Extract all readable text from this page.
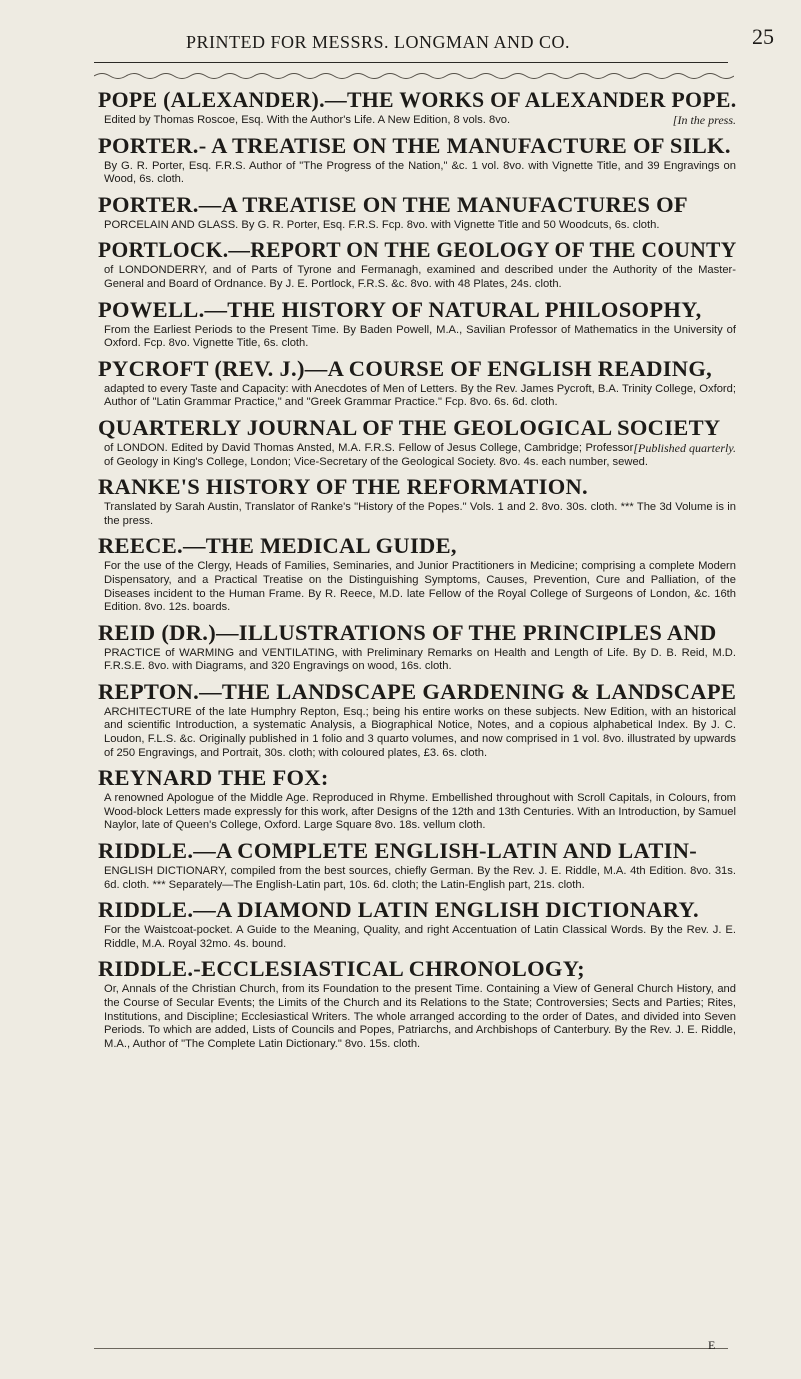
PRINTED FOR MESSRS. LONGMAN AND CO.	25
POPE (ALEXANDER).—THE WORKS OF ALEXANDER POPE.
[In the press.
Edited by Thomas Roscoe, Esq. With the Author's Life. A New Edition, 8 vols. 8vo.
PORTER.- A TREATISE ON THE MANUFACTURE OF SILK.
By G. R. Porter, Esq. F.R.S. Author of "The Progress of the Nation," &c. 1 vol. 8vo. with Vignette Title, and 39 Engravings on Wood, 6s. cloth.
PORTER.—A TREATISE ON THE MANUFACTURES OF
PORCELAIN AND GLASS. By G. R. Porter, Esq. F.R.S. Fcp. 8vo. with Vignette Title and 50 Woodcuts, 6s. cloth.
PORTLOCK.—REPORT ON THE GEOLOGY OF THE COUNTY
of LONDONDERRY, and of Parts of Tyrone and Fermanagh, examined and described under the Authority of the Master-General and Board of Ordnance. By J. E. Portlock, F.R.S. &c. 8vo. with 48 Plates, 24s. cloth.
POWELL.—THE HISTORY OF NATURAL PHILOSOPHY,
From the Earliest Periods to the Present Time. By Baden Powell, M.A., Savilian Professor of Mathematics in the University of Oxford. Fcp. 8vo. Vignette Title, 6s. cloth.
PYCROFT (REV. J.)—A COURSE OF ENGLISH READING,
adapted to every Taste and Capacity: with Anecdotes of Men of Letters. By the Rev. James Pycroft, B.A. Trinity College, Oxford; Author of "Latin Grammar Practice," and "Greek Grammar Practice." Fcp. 8vo. 6s. 6d. cloth.
QUARTERLY JOURNAL OF THE GEOLOGICAL SOCIETY
[Published quarterly.
of LONDON. Edited by David Thomas Ansted, M.A. F.R.S. Fellow of Jesus College, Cambridge; Professor of Geology in King's College, London; Vice-Secretary of the Geological Society. 8vo. 4s. each number, sewed.
RANKE'S HISTORY OF THE REFORMATION.
Translated by Sarah Austin, Translator of Ranke's "History of the Popes." Vols. 1 and 2. 8vo. 30s. cloth. *** The 3d Volume is in the press.
REECE.—THE MEDICAL GUIDE,
For the use of the Clergy, Heads of Families, Seminaries, and Junior Practitioners in Medicine; comprising a complete Modern Dispensatory, and a Practical Treatise on the Distinguishing Symptoms, Causes, Prevention, Cure and Palliation, of the Diseases incident to the Human Frame. By R. Reece, M.D. late Fellow of the Royal College of Surgeons of London, &c. 16th Edition. 8vo. 12s. boards.
REID (DR.)—ILLUSTRATIONS OF THE PRINCIPLES AND
PRACTICE of WARMING and VENTILATING, with Preliminary Remarks on Health and Length of Life. By D. B. Reid, M.D. F.R.S.E. 8vo. with Diagrams, and 320 Engravings on wood, 16s. cloth.
REPTON.—THE LANDSCAPE GARDENING & LANDSCAPE
ARCHITECTURE of the late Humphry Repton, Esq.; being his entire works on these subjects. New Edition, with an historical and scientific Introduction, a systematic Analysis, a Biographical Notice, Notes, and a copious alphabetical Index. By J. C. Loudon, F.L.S. &c. Originally published in 1 folio and 3 quarto volumes, and now comprised in 1 vol. 8vo. illustrated by upwards of 250 Engravings, and Portrait, 30s. cloth; with coloured plates, £3. 6s. cloth.
REYNARD THE FOX:
A renowned Apologue of the Middle Age. Reproduced in Rhyme. Embellished throughout with Scroll Capitals, in Colours, from Wood-block Letters made expressly for this work, after Designs of the 12th and 13th Centuries. With an Introduction, by Samuel Naylor, late of Queen's College, Oxford. Large Square 8vo. 18s. vellum cloth.
RIDDLE.—A COMPLETE ENGLISH-LATIN AND LATIN-
ENGLISH DICTIONARY, compiled from the best sources, chiefly German. By the Rev. J. E. Riddle, M.A. 4th Edition. 8vo. 31s. 6d. cloth. *** Separately—The English-Latin part, 10s. 6d. cloth; the Latin-English part, 21s. cloth.
RIDDLE.—A DIAMOND LATIN ENGLISH DICTIONARY.
For the Waistcoat-pocket. A Guide to the Meaning, Quality, and right Accentuation of Latin Classical Words. By the Rev. J. E. Riddle, M.A. Royal 32mo. 4s. bound.
RIDDLE.-ECCLESIASTICAL CHRONOLOGY;
Or, Annals of the Christian Church, from its Foundation to the present Time. Containing a View of General Church History, and the Course of Secular Events; the Limits of the Church and its Relations to the State; Controversies; Sects and Parties; Rites, Institutions, and Discipline; Ecclesiastical Writers. The whole arranged according to the order of Dates, and divided into Seven Periods. To which are added, Lists of Councils and Popes, Patriarchs, and Archbishops of Canterbury. By the Rev. J. E. Riddle, M.A., Author of "The Complete Latin Dictionary." 8vo. 15s. cloth.
E
